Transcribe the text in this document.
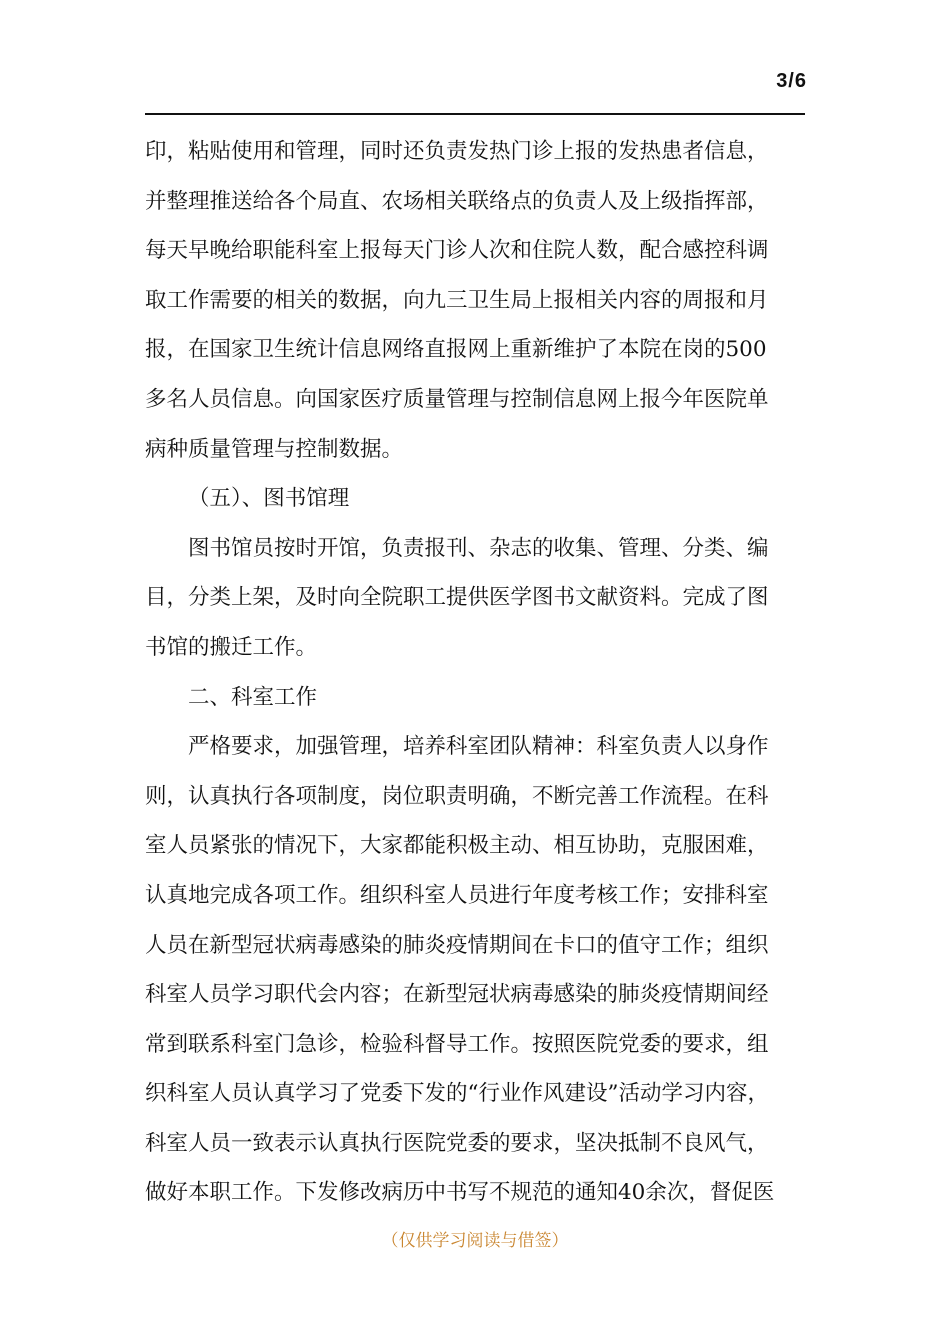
3/6
印，粘贴使用和管理，同时还负责发热门诊上报的发热患者信息，
并整理推送给各个局直、农场相关联络点的负责人及上级指挥部，
每天早晚给职能科室上报每天门诊人次和住院人数，配合感控科调
取工作需要的相关的数据，向九三卫生局上报相关内容的周报和月
报，在国家卫生统计信息网络直报网上重新维护了本院在岗的500
多名人员信息。向国家医疗质量管理与控制信息网上报今年医院单
病种质量管理与控制数据。
（五）、图书馆理
图书馆员按时开馆，负责报刊、杂志的收集、管理、分类、编
目，分类上架，及时向全院职工提供医学图书文献资料。完成了图
书馆的搬迁工作。
二、科室工作
严格要求，加强管理，培养科室团队精神：科室负责人以身作
则，认真执行各项制度，岗位职责明确，不断完善工作流程。在科
室人员紧张的情况下，大家都能积极主动、相互协助，克服困难，
认真地完成各项工作。组织科室人员进行年度考核工作；安排科室
人员在新型冠状病毒感染的肺炎疫情期间在卡口的值守工作；组织
科室人员学习职代会内容；在新型冠状病毒感染的肺炎疫情期间经
常到联系科室门急诊，检验科督导工作。按照医院党委的要求，组
织科室人员认真学习了党委下发的“行业作风建设”活动学习内容，
科室人员一致表示认真执行医院党委的要求，坚决抵制不良风气，
做好本职工作。下发修改病历中书写不规范的通知40余次，督促医
（仅供学习阅读与借签）
